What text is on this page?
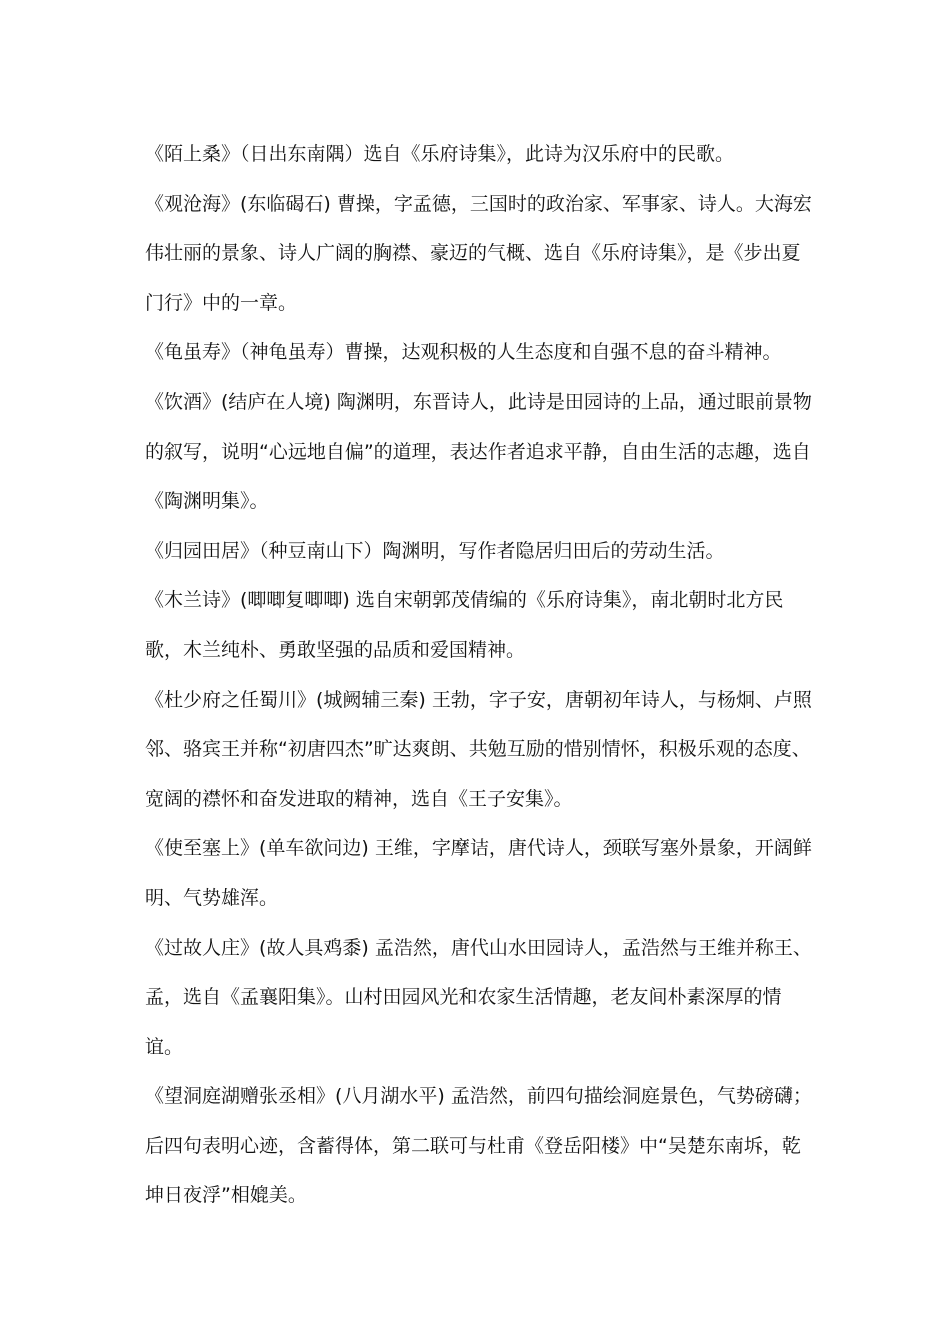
《陌上桑》（日出东南隅）选自《乐府诗集》，此诗为汉乐府中的民歌。

《观沧海》(东临碣石) 曹操，字孟德，三国时的政治家、军事家、诗人。大海宏伟壮丽的景象、诗人广阔的胸襟、豪迈的气概、选自《乐府诗集》，是《步出夏门行》中的一章。

《龟虽寿》（神龟虽寿）曹操，达观积极的人生态度和自强不息的奋斗精神。

《饮酒》(结庐在人境) 陶渊明，东晋诗人，此诗是田园诗的上品，通过眼前景物的叙写，说明“心远地自偏”的道理，表达作者追求平静，自由生活的志趣，选自《陶渊明集》。

《归园田居》（种豆南山下）陶渊明，写作者隐居归田后的劳动生活。

《木兰诗》(唧唧复唧唧) 选自宋朝郭茂倩编的《乐府诗集》，南北朝时北方民歌，木兰纯朴、勇敢坚强的品质和爱国精神。

《杜少府之任蜀川》(城阙辅三秦) 王勃，字子安，唐朝初年诗人，与杨炯、卢照邻、骆宾王并称“初唐四杰”旷达爽朗、共勉互励的惜别情怀，积极乐观的态度、宽阔的襟怀和奋发进取的精神，选自《王子安集》。

《使至塞上》(单车欲问边) 王维，字摩诘，唐代诗人，颈联写塞外景象，开阔鲜明、气势雄浑。

《过故人庄》(故人具鸡黍) 孟浩然，唐代山水田园诗人，孟浩然与王维并称王、孟，选自《孟襄阳集》。山村田园风光和农家生活情趣，老友间朴素深厚的情谊。

《望洞庭湖赠张丞相》(八月湖水平) 孟浩然，前四句描绘洞庭景色，气势磅礴；后四句表明心迹，含蓄得体，第二联可与杜甫《登岳阳楼》中“吴楚东南坼，乾坤日夜浮”相媲美。
